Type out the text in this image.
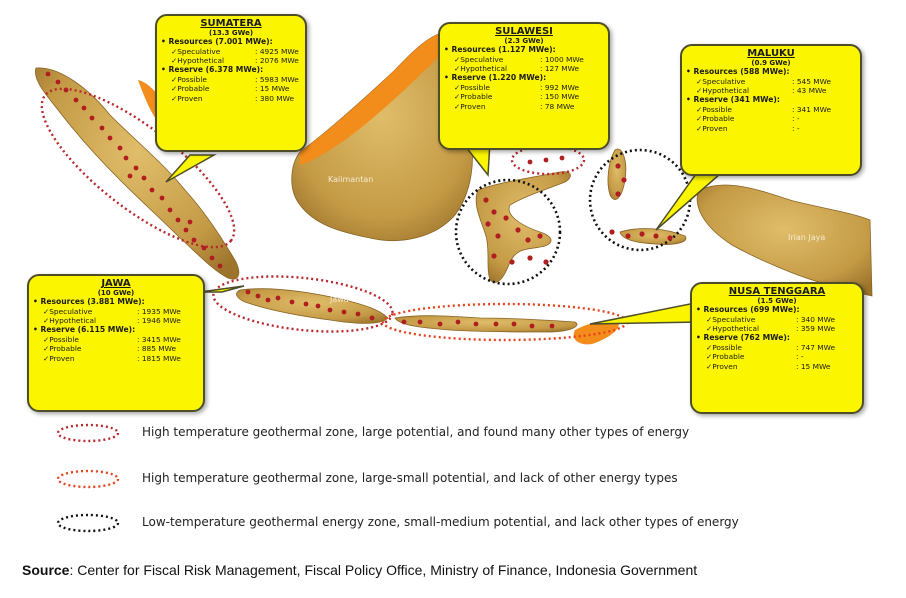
Kalimantan
Irian Jaya
Jawa
SUMATERA
(13.3 GWe)
• Resources (7.001 MWe):
✓ Speculative	: 4925 MWe
✓ Hypothetical	: 2076 MWe
• Reserve (6.378 MWe):
✓ Possible	: 5983 MWe
✓ Probable	: 15 MWe
✓ Proven	: 380 MWe
SULAWESI
(2.3 GWe)
• Resources (1.127 MWe):
✓ Speculative	: 1000 MWe
✓ Hypothetical	: 127 MWe
• Reserve (1.220 MWe):
✓ Possible	: 992 MWe
✓ Probable	: 150 MWe
✓ Proven	: 78 MWe
MALUKU
(0.9 GWe)
• Resources (588 MWe):
✓ Speculative	: 545 MWe
✓ Hypothetical	: 43 MWe
• Reserve (341 MWe):
✓ Possible	: 341 MWe
✓ Probable	: -
✓ Proven	: -
JAWA
(10 GWe)
• Resources (3.881 MWe):
✓ Speculative	: 1935 MWe
✓ Hypothetical	: 1946 MWe
• Reserve (6.115 MWe):
✓ Possible	: 3415 MWe
✓ Probable	: 885 MWe
✓ Proven	: 1815 MWe
NUSA TENGGARA
(1.5 GWe)
• Resources (699 MWe):
✓ Speculative	: 340 MWe
✓ Hypothetical	: 359 MWe
• Reserve (762 MWe):
✓ Possible	: 747 MWe
✓ Probable	: -
✓ Proven	: 15 MWe
High temperature geothermal zone, large potential, and found many other types of energy
High temperature geothermal zone, large-small potential, and lack of other energy types
Low-temperature geothermal energy zone, small-medium potential, and lack other types of energy
Source: Center for Fiscal Risk Management, Fiscal Policy Office, Ministry of Finance, Indonesia Government
